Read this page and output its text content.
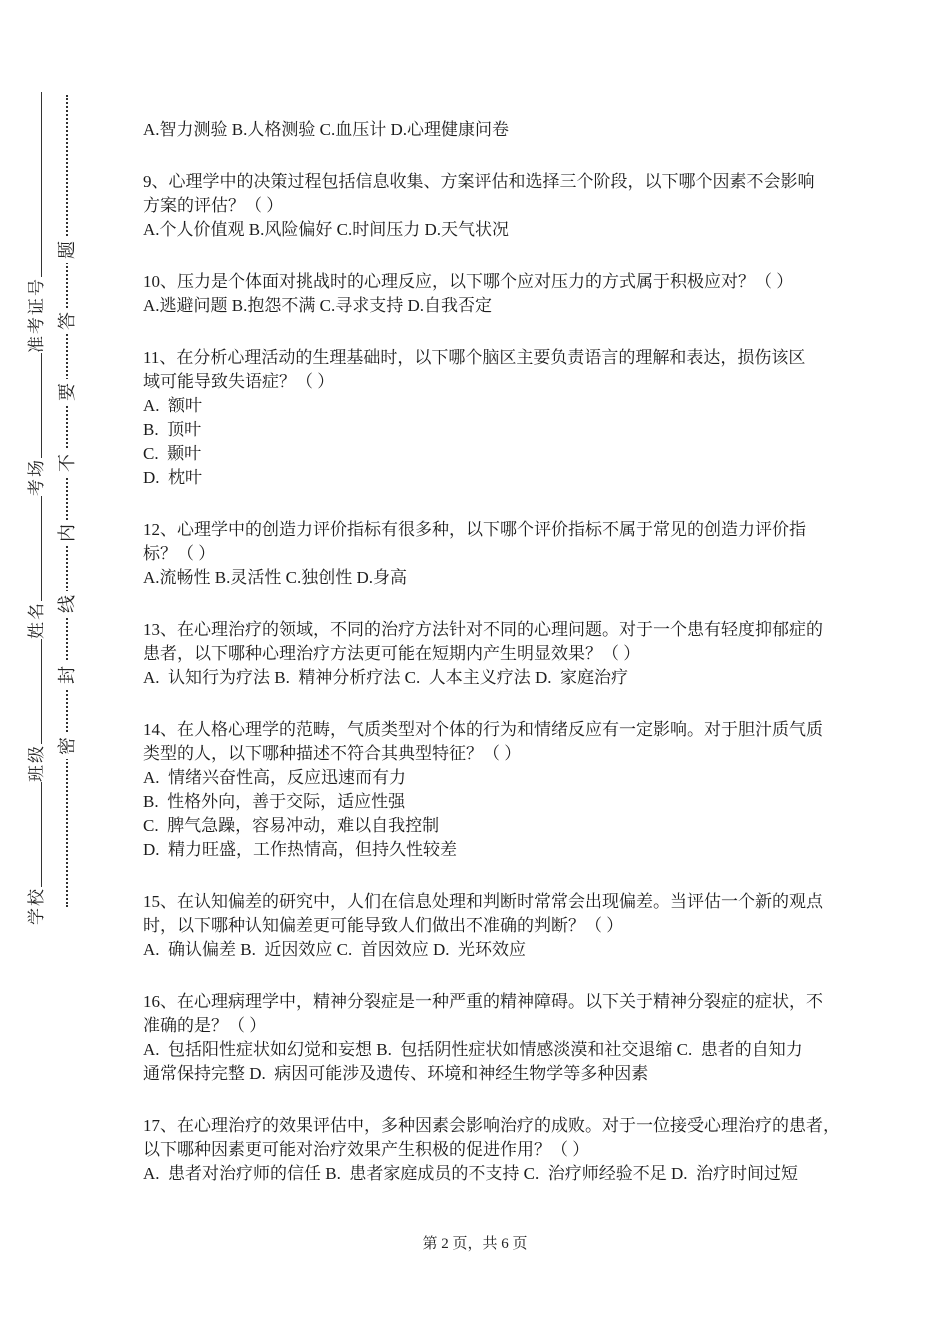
学校班级姓名考场准考证号
密
封
线
内
不
要
答
题
A.智力测验 B.人格测验 C.血压计 D.心理健康问卷
9、心理学中的决策过程包括信息收集、方案评估和选择三个阶段，以下哪个因素不会影响
方案的评估？（ ）
A.个人价值观 B.风险偏好 C.时间压力 D.天气状况
10、压力是个体面对挑战时的心理反应，以下哪个应对压力的方式属于积极应对？（ ）
A.逃避问题 B.抱怨不满 C.寻求支持 D.自我否定
11、在分析心理活动的生理基础时，以下哪个脑区主要负责语言的理解和表达，损伤该区
域可能导致失语症？（ ）
A.  额叶
B.  顶叶
C.  颞叶
D.  枕叶
12、心理学中的创造力评价指标有很多种，以下哪个评价指标不属于常见的创造力评价指
标？（ ）
A.流畅性 B.灵活性 C.独创性 D.身高
13、在心理治疗的领域，不同的治疗方法针对不同的心理问题。对于一个患有轻度抑郁症的
患者，以下哪种心理治疗方法更可能在短期内产生明显效果？（ ）
A.  认知行为疗法 B.  精神分析疗法 C.  人本主义疗法 D.  家庭治疗
14、在人格心理学的范畴，气质类型对个体的行为和情绪反应有一定影响。对于胆汁质气质
类型的人，以下哪种描述不符合其典型特征？（ ）
A.  情绪兴奋性高，反应迅速而有力
B.  性格外向，善于交际，适应性强
C.  脾气急躁，容易冲动，难以自我控制
D.  精力旺盛，工作热情高，但持久性较差
15、在认知偏差的研究中，人们在信息处理和判断时常常会出现偏差。当评估一个新的观点
时，以下哪种认知偏差更可能导致人们做出不准确的判断？（ ）
A.  确认偏差 B.  近因效应 C.  首因效应 D.  光环效应
16、在心理病理学中，精神分裂症是一种严重的精神障碍。以下关于精神分裂症的症状，不
准确的是？（ ）
A.  包括阳性症状如幻觉和妄想 B.  包括阴性症状如情感淡漠和社交退缩 C.  患者的自知力
通常保持完整 D.  病因可能涉及遗传、环境和神经生物学等多种因素
17、在心理治疗的效果评估中，多种因素会影响治疗的成败。对于一位接受心理治疗的患者，
以下哪种因素更可能对治疗效果产生积极的促进作用？（ ）
A.  患者对治疗师的信任 B.  患者家庭成员的不支持 C.  治疗师经验不足 D.  治疗时间过短
第 2 页，共 6 页
